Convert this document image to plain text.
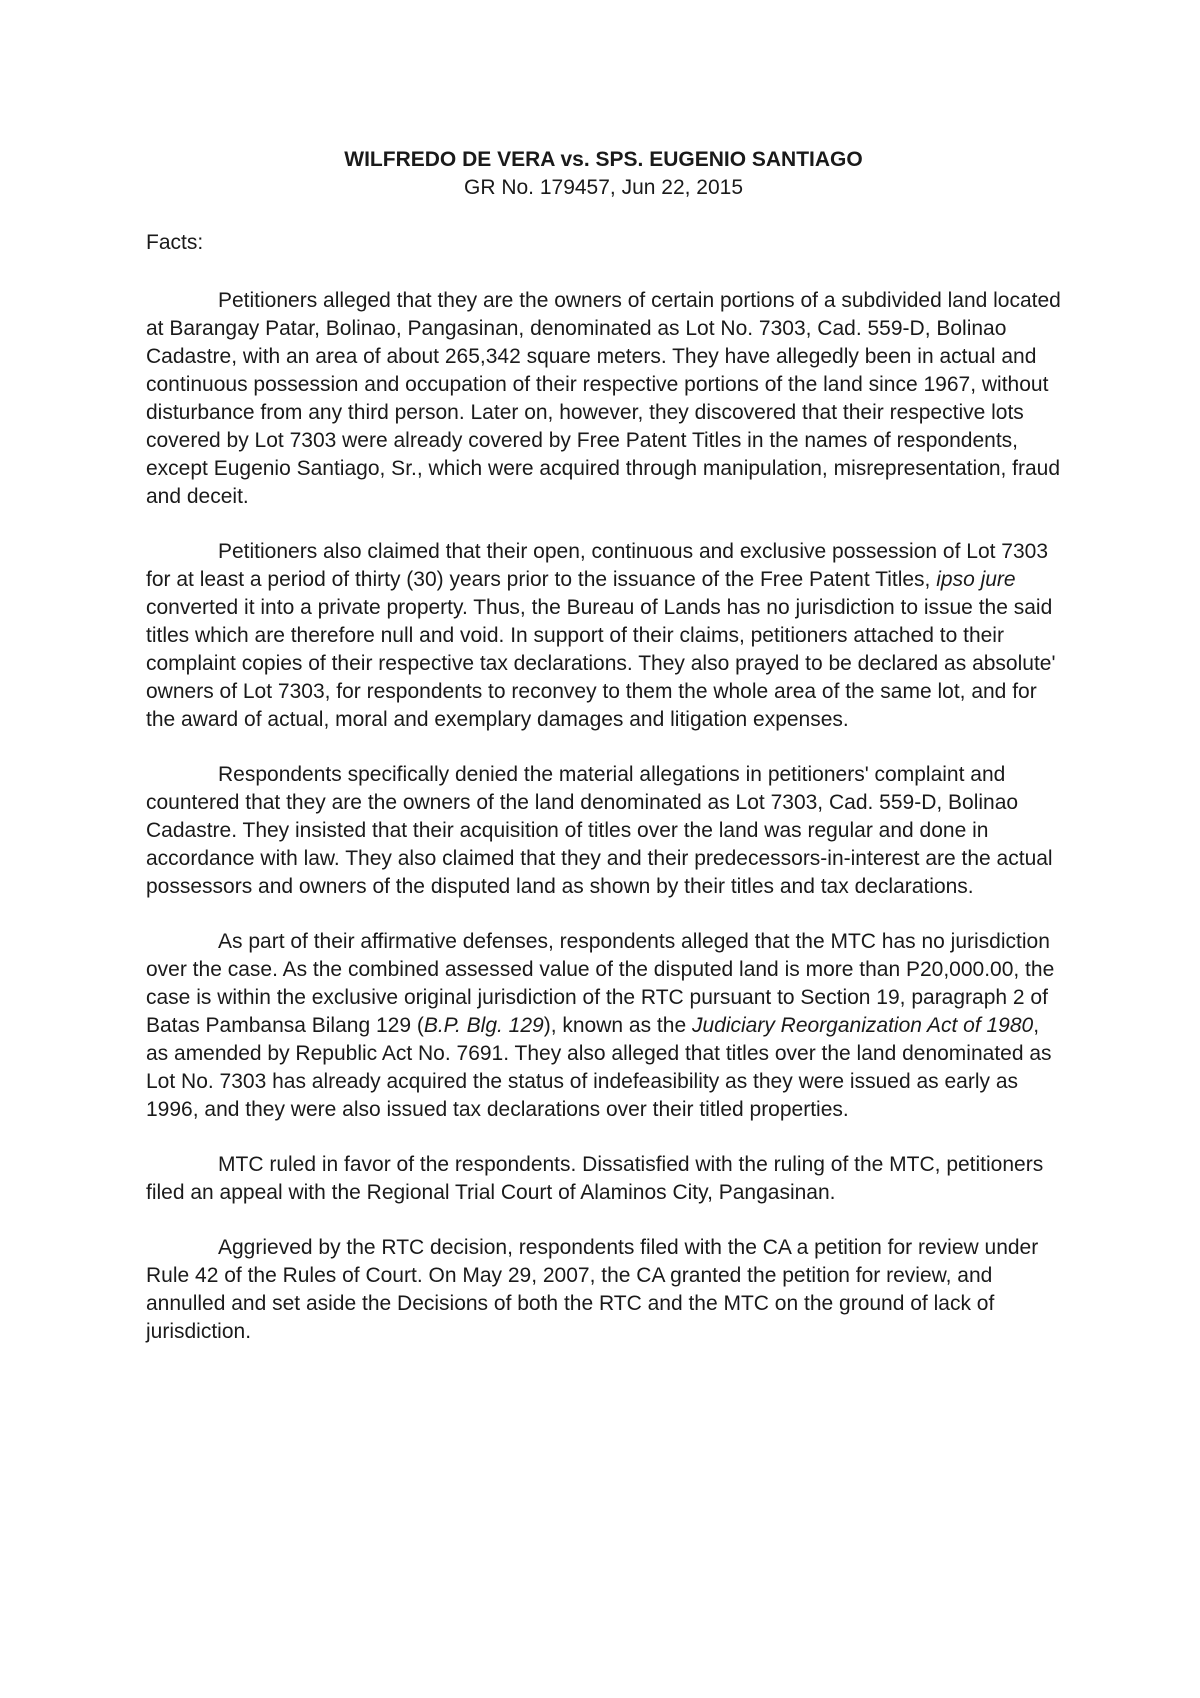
WILFREDO DE VERA vs. SPS. EUGENIO SANTIAGO

GR No. 179457, Jun 22, 2015

Facts:

Petitioners alleged that they are the owners of certain portions of a subdivided land located at Barangay Patar, Bolinao, Pangasinan, denominated as Lot No. 7303, Cad. 559-D, Bolinao Cadastre, with an area of about 265,342 square meters. They have allegedly been in actual and continuous possession and occupation of their respective portions of the land since 1967, without disturbance from any third person. Later on, however, they discovered that their respective lots covered by Lot 7303 were already covered by Free Patent Titles in the names of respondents, except Eugenio Santiago, Sr., which were acquired through manipulation, misrepresentation, fraud and deceit.

Petitioners also claimed that their open, continuous and exclusive possession of Lot 7303 for at least a period of thirty (30) years prior to the issuance of the Free Patent Titles, ipso jure converted it into a private property. Thus, the Bureau of Lands has no jurisdiction to issue the said titles which are therefore null and void. In support of their claims, petitioners attached to their complaint copies of their respective tax declarations. They also prayed to be declared as absolute' owners of Lot 7303, for respondents to reconvey to them the whole area of the same lot, and for the award of actual, moral and exemplary damages and litigation expenses.

Respondents specifically denied the material allegations in petitioners' complaint and countered that they are the owners of the land denominated as Lot 7303, Cad. 559-D, Bolinao Cadastre. They insisted that their acquisition of titles over the land was regular and done in accordance with law. They also claimed that they and their predecessors-in-interest are the actual possessors and owners of the disputed land as shown by their titles and tax declarations.

As part of their affirmative defenses, respondents alleged that the MTC has no jurisdiction over the case. As the combined assessed value of the disputed land is more than P20,000.00, the case is within the exclusive original jurisdiction of the RTC pursuant to Section 19, paragraph 2 of Batas Pambansa Bilang 129 (B.P. Blg. 129), known as the Judiciary Reorganization Act of 1980, as amended by Republic Act No. 7691. They also alleged that titles over the land denominated as Lot No. 7303 has already acquired the status of indefeasibility as they were issued as early as 1996, and they were also issued tax declarations over their titled properties.

MTC ruled in favor of the respondents. Dissatisfied with the ruling of the MTC, petitioners filed an appeal with the Regional Trial Court of Alaminos City, Pangasinan.

Aggrieved by the RTC decision, respondents filed with the CA a petition for review under Rule 42 of the Rules of Court. On May 29, 2007, the CA granted the petition for review, and annulled and set aside the Decisions of both the RTC and the MTC on the ground of lack of jurisdiction.
